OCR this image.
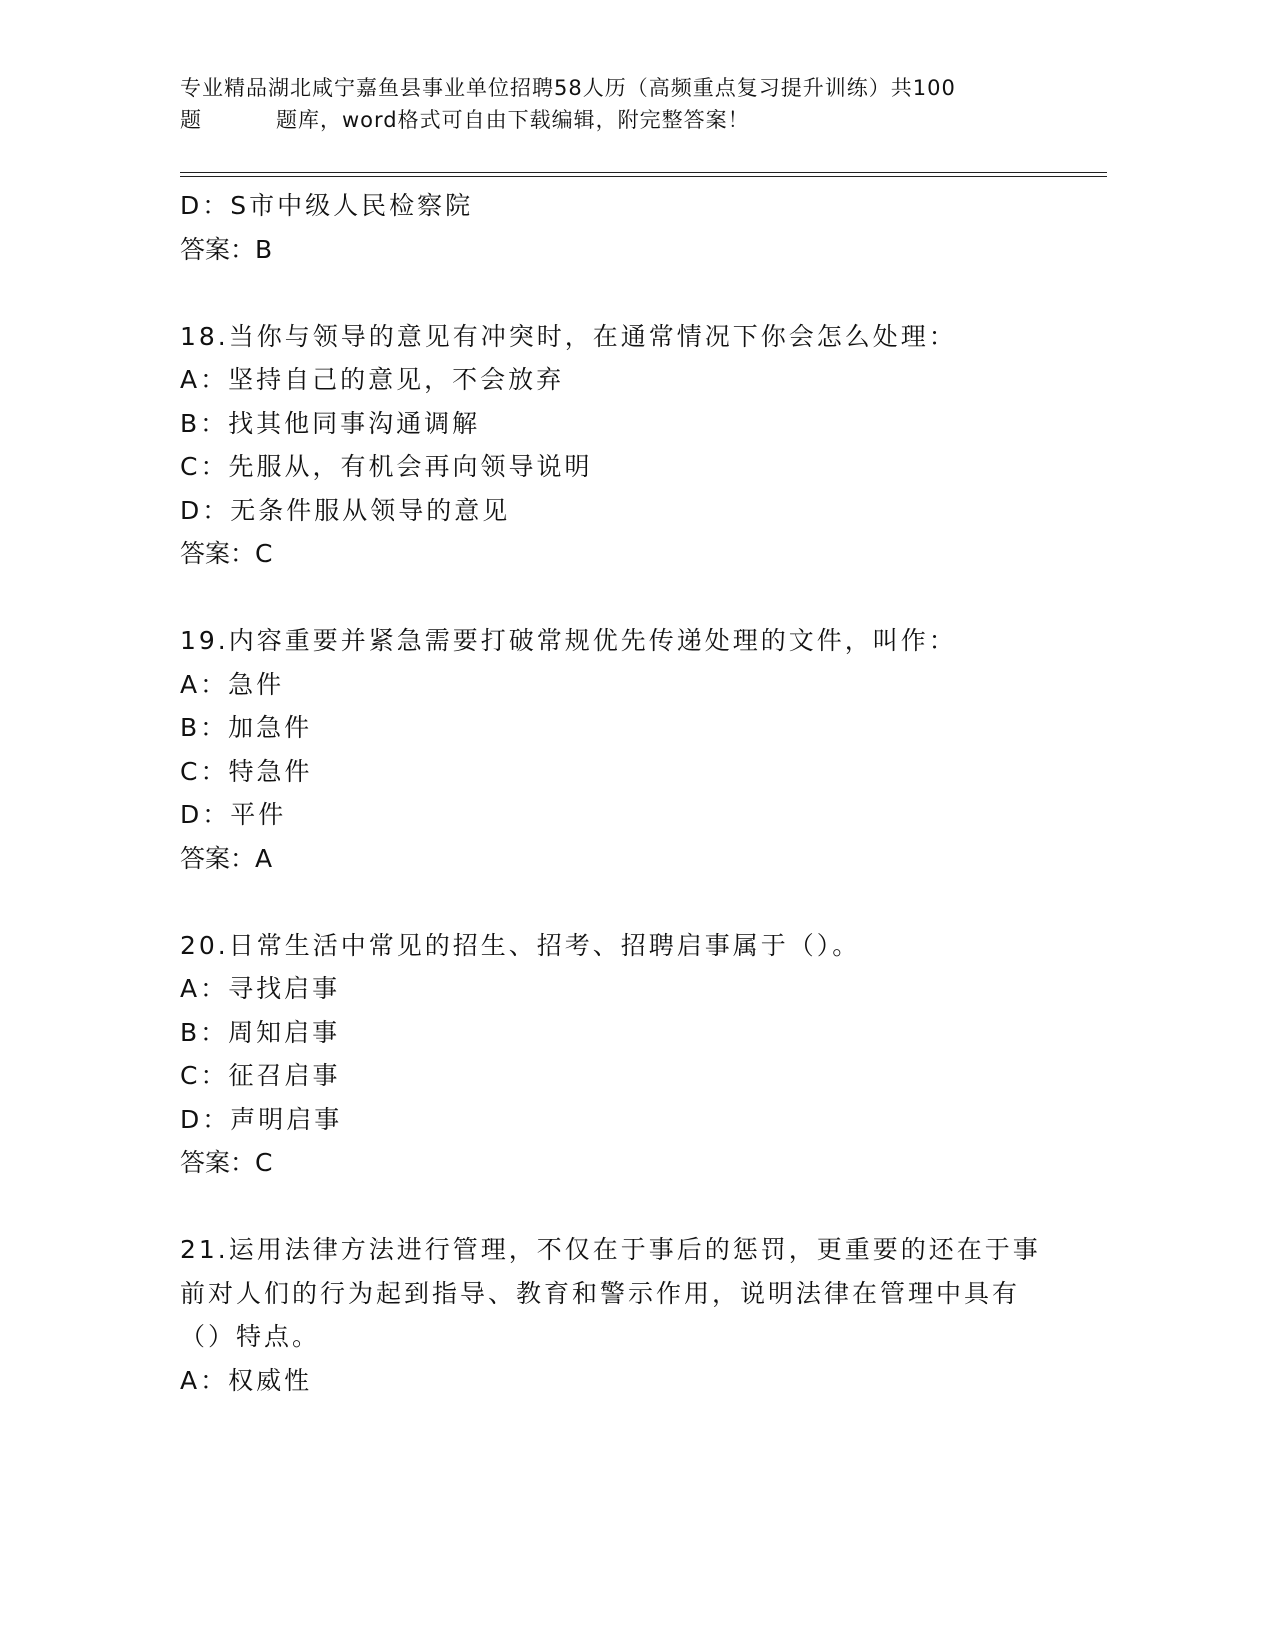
专业精品湖北咸宁嘉鱼县事业单位招聘58人历（高频重点复习提升训练）共100
题	题库，word格式可自由下载编辑，附完整答案！
D：S市中级人民检察院
答案：B
18.当你与领导的意见有冲突时，在通常情况下你会怎么处理：
A：坚持自己的意见，不会放弃
B：找其他同事沟通调解
C：先服从，有机会再向领导说明
D：无条件服从领导的意见
答案：C
19.内容重要并紧急需要打破常规优先传递处理的文件，叫作：
A：急件
B：加急件
C：特急件
D：平件
答案：A
20.日常生活中常见的招生、招考、招聘启事属于（）。
A：寻找启事
B：周知启事
C：征召启事
D：声明启事
答案：C
21.运用法律方法进行管理，不仅在于事后的惩罚，更重要的还在于事
前对人们的行为起到指导、教育和警示作用，说明法律在管理中具有
（）特点。
A：权威性
